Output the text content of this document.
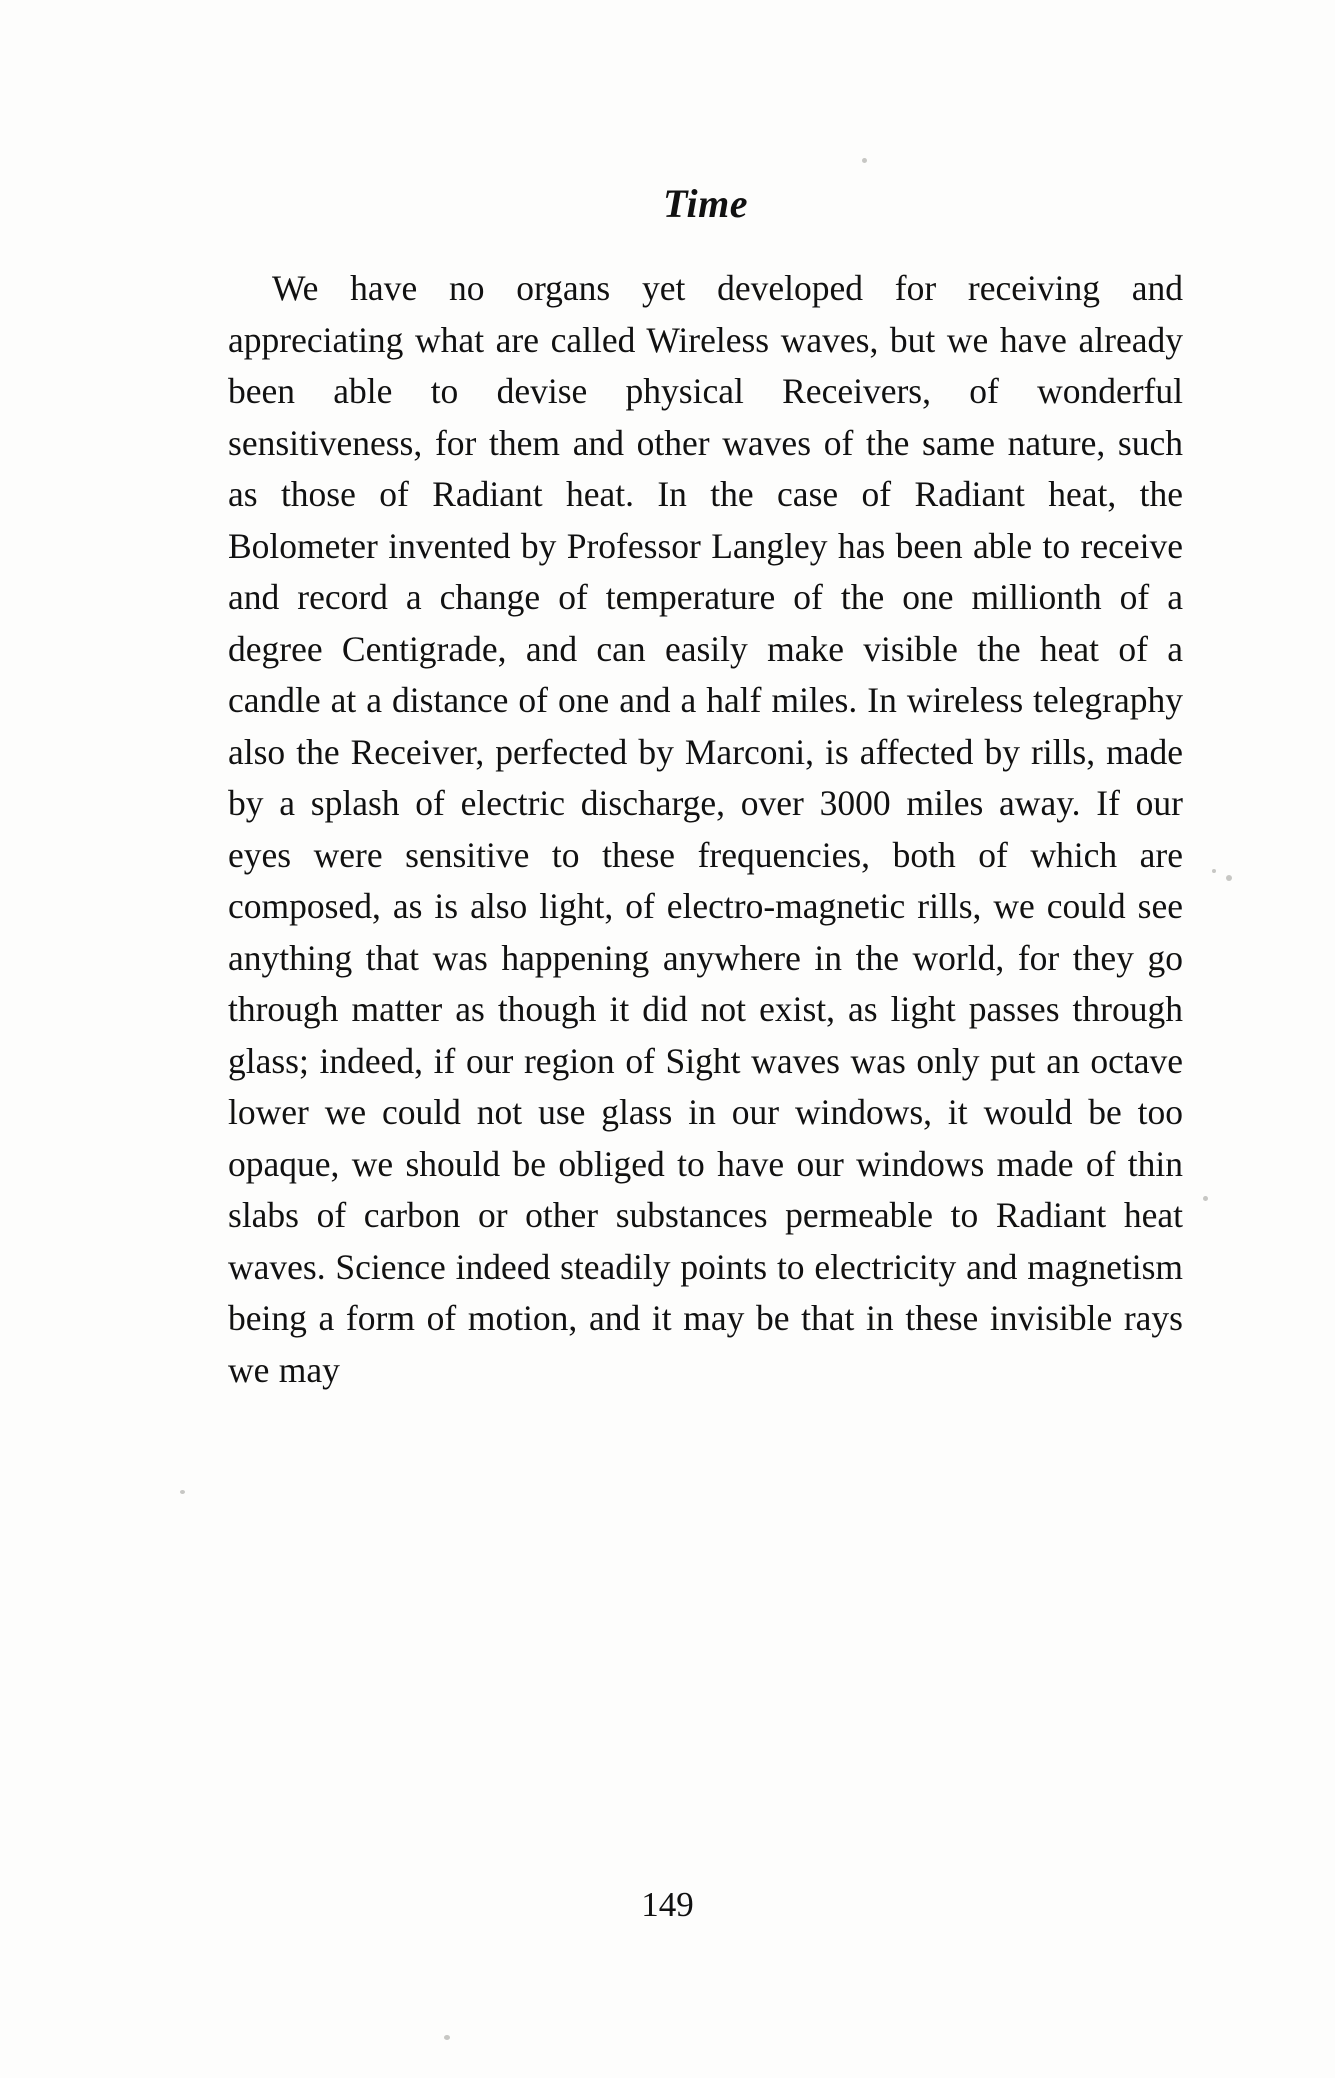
Time

We have no organs yet developed for receiving and appreciating what are called Wireless waves, but we have already been able to devise physical Receivers, of wonderful sensitiveness, for them and other waves of the same nature, such as those of Radiant heat. In the case of Radiant heat, the Bolometer invented by Professor Langley has been able to receive and record a change of temperature of the one millionth of a degree Centigrade, and can easily make visible the heat of a candle at a distance of one and a half miles. In wireless telegraphy also the Receiver, perfected by Marconi, is affected by rills, made by a splash of electric discharge, over 3000 miles away. If our eyes were sensitive to these frequencies, both of which are composed, as is also light, of electro-magnetic rills, we could see anything that was happening anywhere in the world, for they go through matter as though it did not exist, as light passes through glass; indeed, if our region of Sight waves was only put an octave lower we could not use glass in our windows, it would be too opaque, we should be obliged to have our windows made of thin slabs of carbon or other substances permeable to Radiant heat waves. Science indeed steadily points to electricity and magnetism being a form of motion, and it may be that in these invisible rays we may

149
